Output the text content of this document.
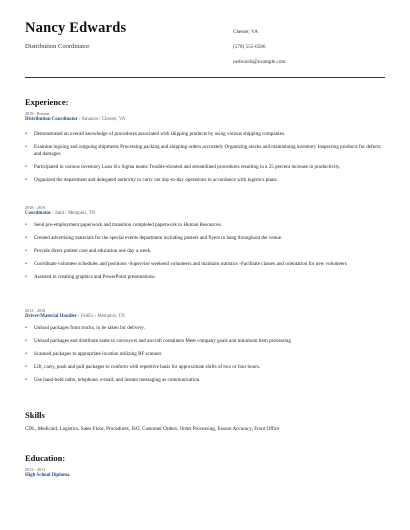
Nancy Edwards
Distribution Coordinator
Chester, VA
(570) 555-6586
nedwards@example.com
Experience:
2019 - Present
Distribution Coordinator / Amazon / Chester, VA
• Demonstrated an overall knowledge of procedures associated with shipping products by using various shipping companies.
• Examine ingoing and outgoing shipments Processing packing and shipping orders accurately Organizing stocks and maintaining inventory Inspecting products for defects and damages
• Participated in various inventory Lean Six Sigma teams Trouble-shouted and streamlined procedures resulting in a 25 percent increase in productivity.
• Organized the department and delegated authority to carry out day-to-day operations in accordance with logistics plans.
2018 - 2019
Coordinator / Jabil / Memphis, TN
• Send pre-employment paperwork and transition completed paperwork to Human Resources.
• Created advertising materials for the special events department including posters and flyers to hang throughout the venue.
• Provide direct patient care and education one day a week.
• Coordinate volunteer schedules and positions -Supervise weekend volunteers and maintain statistics -Facilitate classes and orientation for new volunteers
• Assisted in creating graphics and PowerPoint presentations.
2013 - 2018
Driver/Material Handler / FedEx / Memphis, TN
• Unload packages from trucks, to be taken for delivery.
• Unload packages and distribute same to conveyors and aircraft containers Meet company goals and minimum item processing
• Scanned packages to appropriate location utilizing RF scanner.
• Lift, carry, push and pull packages to conform with repetitive basis for approximate shifts of two or four hours.
• Use hand-held radio, telephone, e-mail, and instant messaging as communication.
Skills
CDL, Medicaid, Logistics, Sales Floor, Procedures, ISO, Customer Orders, Order Processing, Ensure Accuracy, Front Office
Education:
2013 - 2013
High School Diploma
